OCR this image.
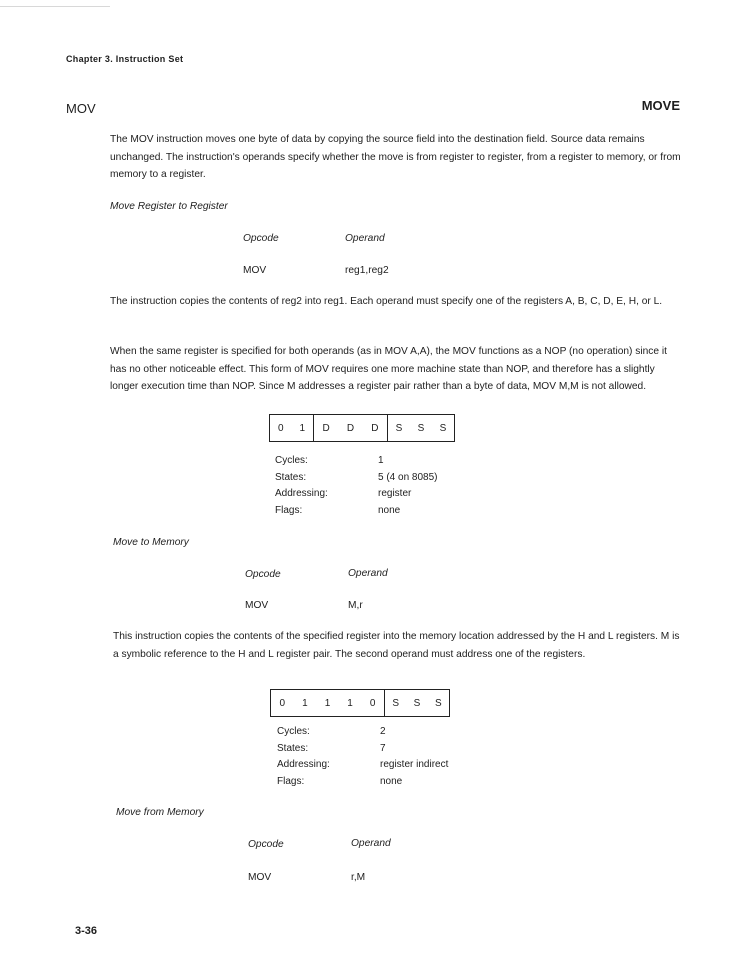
Chapter 3. Instruction Set
MOV	MOVE
The MOV instruction moves one byte of data by copying the source field into the destination field. Source data remains unchanged. The instruction's operands specify whether the move is from register to register, from a register to memory, or from memory to a register.
Move Register to Register
Opcode	Operand
MOV	reg1,reg2
The instruction copies the contents of reg2 into reg1. Each operand must specify one of the registers A, B, C, D, E, H, or L.
When the same register is specified for both operands (as in MOV A,A), the MOV functions as a NOP (no operation) since it has no other noticeable effect. This form of MOV requires one more machine state than NOP, and therefore has a slightly longer execution time than NOP. Since M addresses a register pair rather than a byte of data, MOV M,M is not allowed.
0	1	D	D	D	S	S	S
Cycles:	1
States:	5 (4 on 8085)
Addressing:	register
Flags:	none
Move to Memory
Opcode	Operand
MOV	M,r
This instruction copies the contents of the specified register into the memory location addressed by the H and L registers. M is a symbolic reference to the H and L register pair. The second operand must address one of the registers.
0	1	1	1	0	S	S	S
Cycles:	2
States:	7
Addressing:	register indirect
Flags:	none
Move from Memory
Opcode	Operand
MOV	r,M
3-36
